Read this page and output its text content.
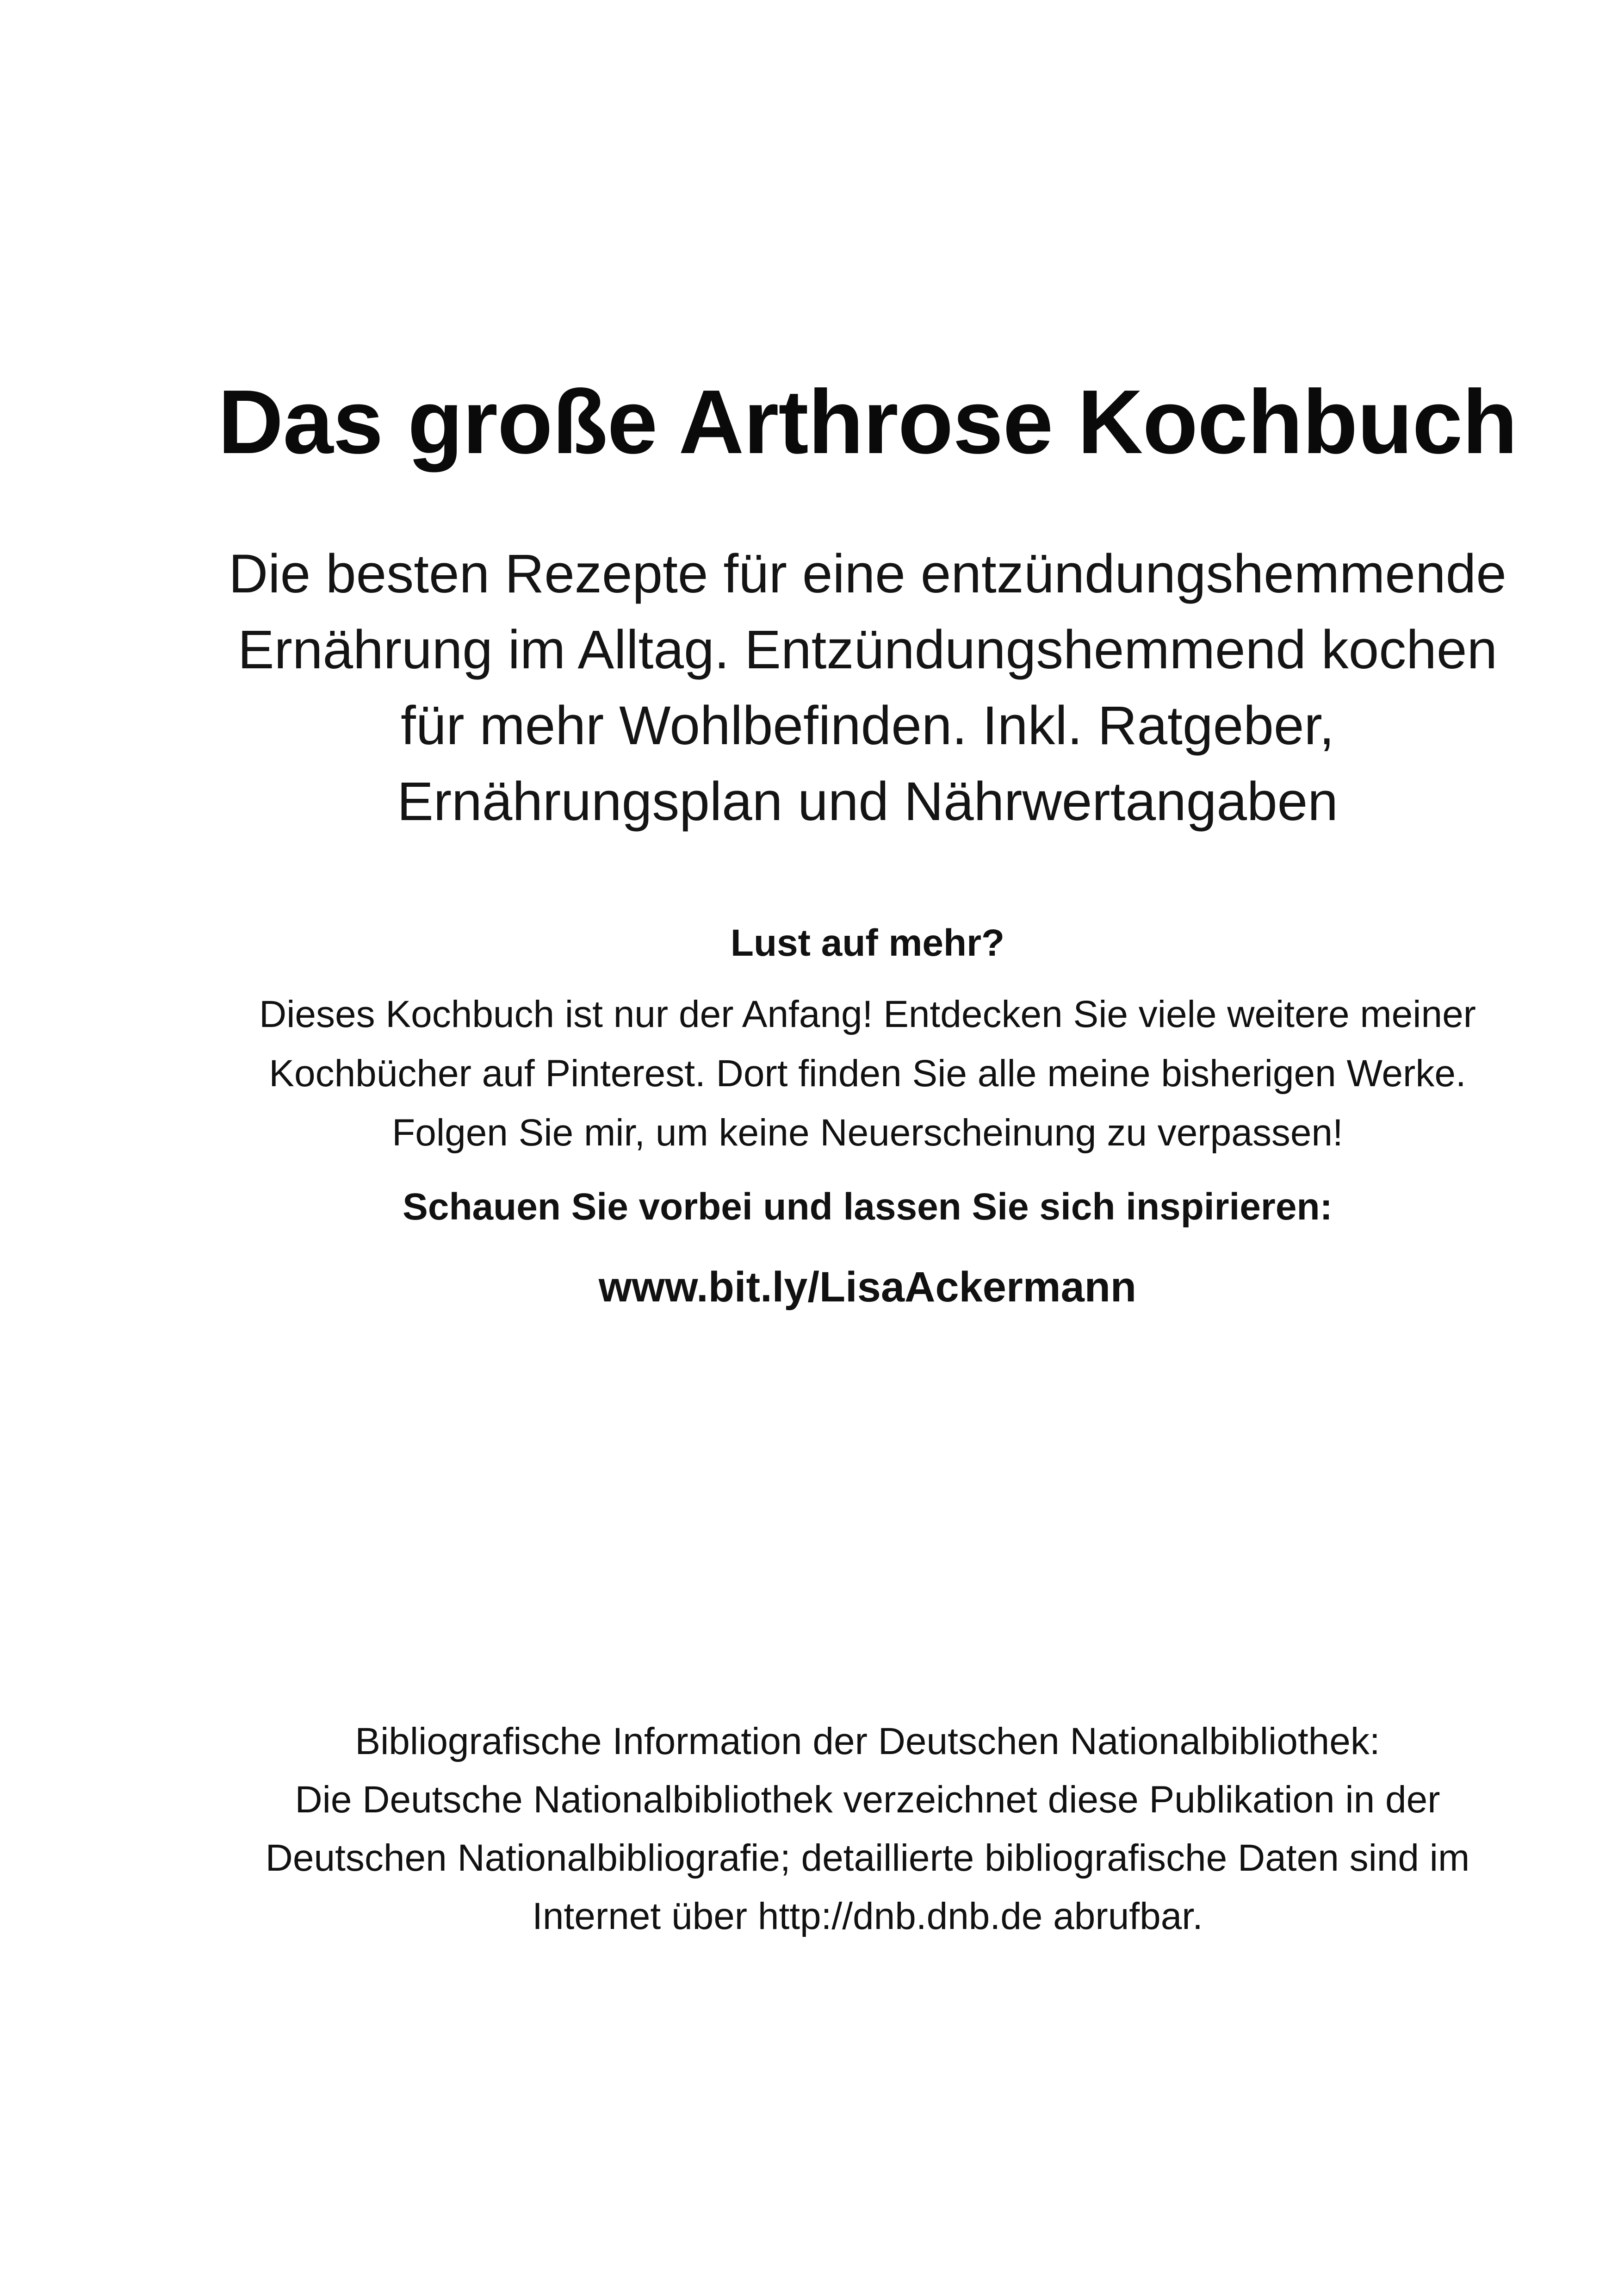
Das große Arthrose Kochbuch
Die besten Rezepte für eine entzündungshemmende
Ernährung im Alltag. Entzündungshemmend kochen
für mehr Wohlbefinden. Inkl. Ratgeber,
Ernährungsplan und Nährwertangaben
Lust auf mehr?
Dieses Kochbuch ist nur der Anfang! Entdecken Sie viele weitere meiner
Kochbücher auf Pinterest. Dort finden Sie alle meine bisherigen Werke.
Folgen Sie mir, um keine Neuerscheinung zu verpassen!
Schauen Sie vorbei und lassen Sie sich inspirieren:
www.bit.ly/LisaAckermann
Bibliografische Information der Deutschen Nationalbibliothek:
Die Deutsche Nationalbibliothek verzeichnet diese Publikation in der
Deutschen Nationalbibliografie; detaillierte bibliografische Daten sind im
Internet über http://dnb.dnb.de abrufbar.
